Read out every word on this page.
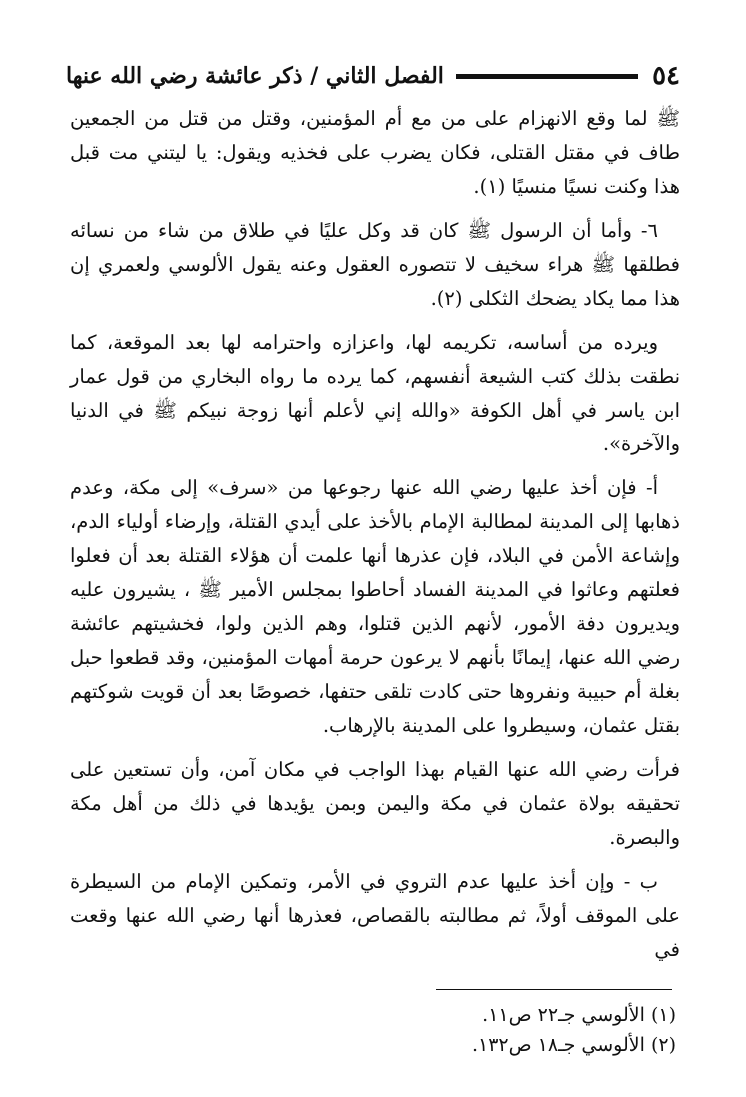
٥٤
الفصل الثاني / ذكر عائشة رضي الله عنها

ﷺ لما وقع الانهزام على من مع أم المؤمنين، وقتل من قتل من الجمعين طاف في مقتل القتلى، فكان يضرب على فخذيه ويقول: يا ليتني مت قبل هذا وكنت نسيًا منسيًا (١).

٦- وأما أن الرسول ﷺ كان قد وكل عليًا في طلاق من شاء من نسائه فطلقها ﷺ هراء سخيف لا تتصوره العقول وعنه يقول الألوسي ولعمري إن هذا مما يكاد يضحك الثكلى (٢).

ويرده من أساسه، تكريمه لها، واعزازه واحترامه لها بعد الموقعة، كما نطقت بذلك كتب الشيعة أنفسهم، كما يرده ما رواه البخاري من قول عمار ابن ياسر في أهل الكوفة «والله إني لأعلم أنها زوجة نبيكم ﷺ في الدنيا والآخرة».

أ- فإن أخذ عليها رضي الله عنها رجوعها من «سرف» إلى مكة، وعدم ذهابها إلى المدينة لمطالبة الإمام بالأخذ على أيدي القتلة، وإرضاء أولياء الدم، وإشاعة الأمن في البلاد، فإن عذرها أنها علمت أن هؤلاء القتلة بعد أن فعلوا فعلتهم وعاثوا في المدينة الفساد أحاطوا بمجلس الأمير ﷺ ، يشيرون عليه ويديرون دفة الأمور، لأنهم الذين قتلوا، وهم الذين ولوا، فخشيتهم عائشة رضي الله عنها، إيمانًا بأنهم لا يرعون حرمة أمهات المؤمنين، وقد قطعوا حبل بغلة أم حبيبة ونفروها حتى كادت تلقى حتفها، خصوصًا بعد أن قويت شوكتهم بقتل عثمان، وسيطروا على المدينة بالإرهاب.

فرأت رضي الله عنها القيام بهذا الواجب في مكان آمن، وأن تستعين على تحقيقه بولاة عثمان في مكة واليمن وبمن يؤيدها في ذلك من أهل مكة والبصرة.

ب - وإن أخذ عليها عدم التروي في الأمر، وتمكين الإمام من السيطرة على الموقف أولاً، ثم مطالبته بالقصاص، فعذرها أنها رضي الله عنها وقعت في

(١) الألوسي جـ٢٢ ص١١.
(٢) الألوسي جـ١٨ ص١٣٢.
